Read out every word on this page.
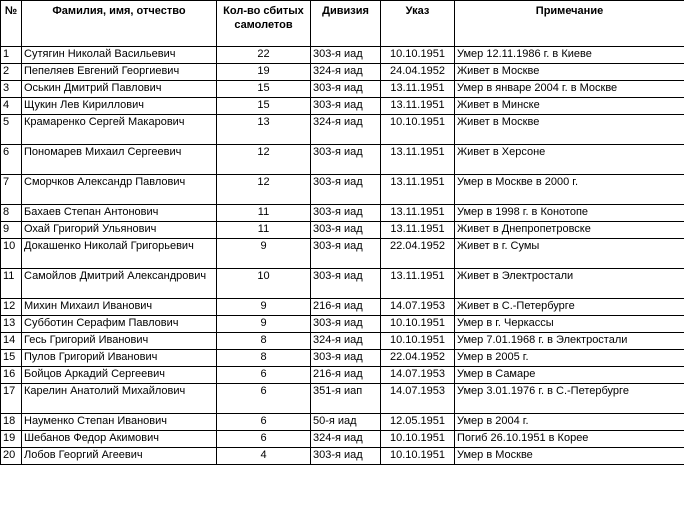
№	Фамилия, имя, отчество	Кол-во сбитых самолетов	Дивизия	Указ	Примечание
1	Сутягин Николай Васильевич	22	303-я иад	10.10.1951	Умер 12.11.1986 г. в Киеве
2	Пепеляев Евгений Георгиевич	19	324-я иад	24.04.1952	Живет в Москве
3	Оськин Дмитрий Павлович	15	303-я иад	13.11.1951	Умер в январе 2004 г. в Москве
4	Щукин Лев Кириллович	15	303-я иад	13.11.1951	Живет в Минске
5	Крамаренко Сергей Макарович	13	324-я иад	10.10.1951	Живет в Москве
6	Пономарев Михаил Сергеевич	12	303-я иад	13.11.1951	Живет в Херсоне
7	Сморчков Александр Павлович	12	303-я иад	13.11.1951	Умер в Москве в 2000 г.
8	Бахаев Степан Антонович	11	303-я иад	13.11.1951	Умер в 1998 г. в Конотопе
9	Охай Григорий Ульянович	11	303-я иад	13.11.1951	Живет в Днепропетровске
10	Докашенко Николай Григорьевич	9	303-я иад	22.04.1952	Живет в г. Сумы
11	Самойлов Дмитрий Александрович	10	303-я иад	13.11.1951	Живет в Электростали
12	Михин Михаил Иванович	9	216-я иад	14.07.1953	Живет в С.-Петербурге
13	Субботин Серафим Павлович	9	303-я иад	10.10.1951	Умер в г. Черкассы
14	Гесь Григорий Иванович	8	324-я иад	10.10.1951	Умер 7.01.1968 г. в Электростали
15	Пулов Григорий Иванович	8	303-я иад	22.04.1952	Умер в 2005 г.
16	Бойцов Аркадий Сергеевич	6	216-я иад	14.07.1953	Умер в Самаре
17	Карелин Анатолий Михайлович	6	351-я иап	14.07.1953	Умер 3.01.1976 г. в С.-Петербурге
18	Науменко Степан Иванович	6	50-я иад	12.05.1951	Умер в 2004 г.
19	Шебанов Федор Акимович	6	324-я иад	10.10.1951	Погиб 26.10.1951 в Корее
20	Лобов Георгий Агеевич	4	303-я иад	10.10.1951	Умер в Москве
